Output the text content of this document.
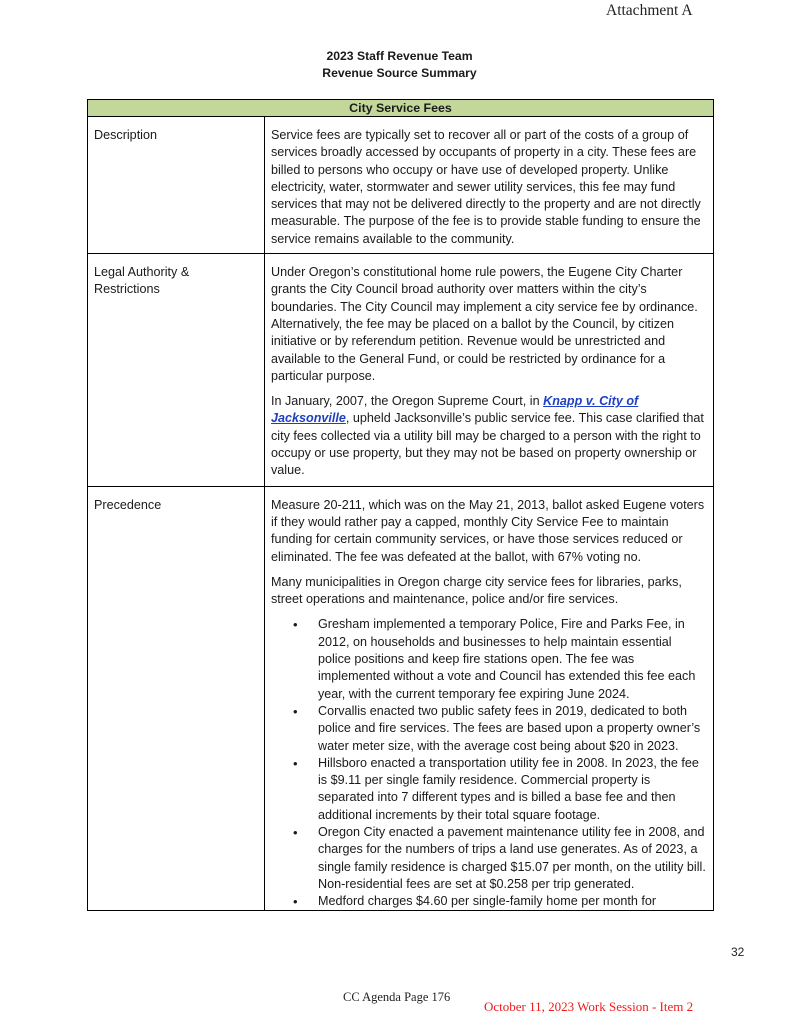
Attachment A
2023 Staff Revenue Team
Revenue Source Summary
City Service Fees	
Description	Service fees are typically set to recover all or part of the costs of a group of services broadly accessed by occupants of property in a city. These fees are billed to persons who occupy or have use of developed property. Unlike electricity, water, stormwater and sewer utility services, this fee may fund services that may not be delivered directly to the property and are not directly measurable. The purpose of the fee is to provide stable funding to ensure the service remains available to the community.

Legal Authority & Restrictions	Under Oregon’s constitutional home rule powers, the Eugene City Charter grants the City Council broad authority over matters within the city’s boundaries. The City Council may implement a city service fee by ordinance. Alternatively, the fee may be placed on a ballot by the Council, by citizen initiative or by referendum petition. Revenue would be unrestricted and available to the General Fund, or could be restricted by ordinance for a particular purpose.

In January, 2007, the Oregon Supreme Court, in Knapp v. City of Jacksonville, upheld Jacksonville’s public service fee. This case clarified that city fees collected via a utility bill may be charged to a person with the right to occupy or use property, but they may not be based on property ownership or value.

Precedence	Measure 20-211, which was on the May 21, 2013, ballot asked Eugene voters if they would rather pay a capped, monthly City Service Fee to maintain funding for certain community services, or have those services reduced or eliminated. The fee was defeated at the ballot, with 67% voting no.

Many municipalities in Oregon charge city service fees for libraries, parks, street operations and maintenance, police and/or fire services.

• Gresham implemented a temporary Police, Fire and Parks Fee, in 2012, on households and businesses to help maintain essential police positions and keep fire stations open. The fee was implemented without a vote and Council has extended this fee each year, with the current temporary fee expiring June 2024.
• Corvallis enacted two public safety fees in 2019, dedicated to both police and fire services. The fees are based upon a property owner’s water meter size, with the average cost being about $20 in 2023.
• Hillsboro enacted a transportation utility fee in 2008. In 2023, the fee is $9.11 per single family residence. Commercial property is separated into 7 different types and is billed a base fee and then additional increments by their total square footage.
• Oregon City enacted a pavement maintenance utility fee in 2008, and charges for the numbers of trips a land use generates. As of 2023, a single family residence is charged $15.07 per month, on the utility bill. Non-residential fees are set at $0.258 per trip generated.
• Medford charges $4.60 per single-family home per month for
32
CC Agenda Page 176
October 11, 2023 Work Session - Item 2
